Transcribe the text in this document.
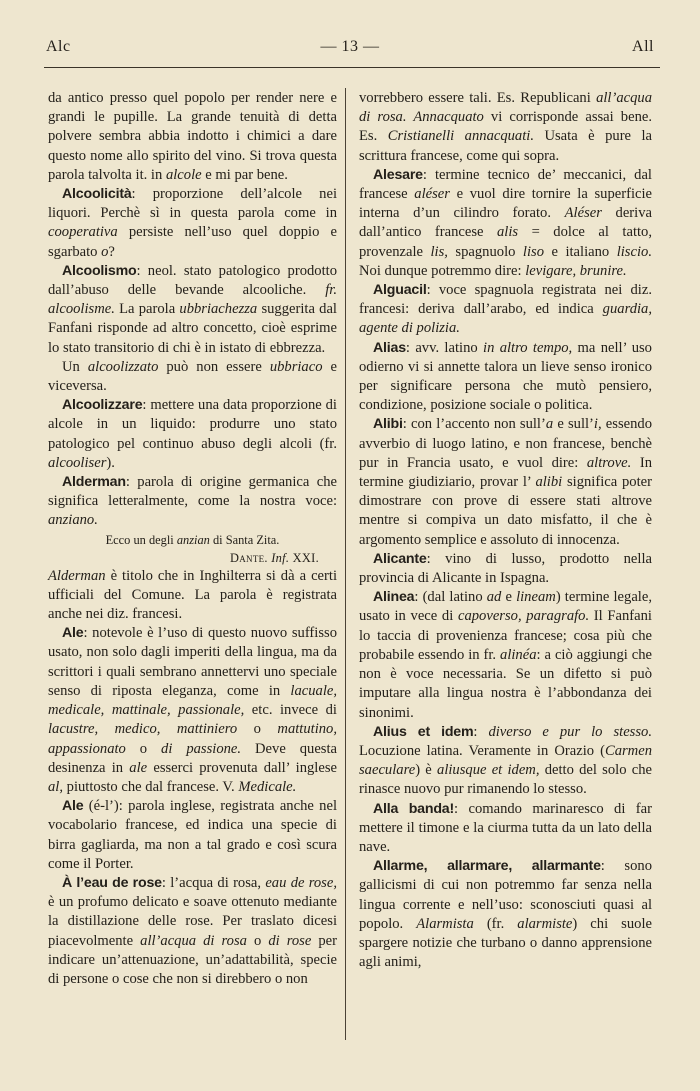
Alc	— 13 —	All

da antico presso quel popolo per render nere e grandi le pupille. La grande tenuità di detta polvere sembra abbia indotto i chimici a dare questo nome allo spirito del vino. Si trova questa parola talvolta it. in alcole e mi par bene.

Alcoolicità: proporzione dell’alcole nei liquori. Perchè sì in questa parola come in cooperativa persiste nell’uso quel doppio e sgarbato o?

Alcoolismo: neol. stato patologico prodotto dall’abuso delle bevande alcooliche. fr. alcoolisme. La parola ubbriachezza suggerita dal Fanfani risponde ad altro concetto, cioè esprime lo stato transitorio di chi è in istato di ebbrezza.

Un alcoolizzato può non essere ubbriaco e viceversa.

Alcoolizzare: mettere una data proporzione di alcole in un liquido: produrre uno stato patologico pel continuo abuso degli alcoli (fr. alcooliser).

Alderman: parola di origine germanica che significa letteralmente, come la nostra voce: anziano.

Ecco un degli anzian di Santa Zita.

Dante. Inf. XXI.

Alderman è titolo che in Inghilterra si dà a certi ufficiali del Comune. La parola è registrata anche nei diz. francesi.

Ale: notevole è l’uso di questo nuovo suffisso usato, non solo dagli imperiti della lingua, ma da scrittori i quali sembrano annettervi uno speciale senso di riposta eleganza, come in lacuale, medicale, mattinale, passionale, etc. invece di lacustre, medico, mattiniero o mattutino, appassionato o di passione. Deve questa desinenza in ale esserci provenuta dall’ inglese al, piuttosto che dal francese. V. Medicale.

Ale (é-l’): parola inglese, registrata anche nel vocabolario francese, ed indica una specie di birra gagliarda, ma non a tal grado e così scura come il Porter.

À l’eau de rose: l’acqua di rosa, eau de rose, è un profumo delicato e soave ottenuto mediante la distillazione delle rose. Per traslato dicesi piacevolmente all’acqua di rosa o di rose per indicare un’attenuazione, un’adattabilità, specie di persone o cose che non si direbbero o non

vorrebbero essere tali. Es. Republicani all’acqua di rosa. Annacquato vi corrisponde assai bene. Es. Cristianelli annacquati. Usata è pure la scrittura francese, come qui sopra.

Alesare: termine tecnico de’ meccanici, dal francese aléser e vuol dire tornire la superficie interna d’un cilindro forato. Aléser deriva dall’antico francese alis = dolce al tatto, provenzale lis, spagnuolo liso e italiano liscio. Noi dunque potremmo dire: levigare, brunire.

Alguacil: voce spagnuola registrata nei diz. francesi: deriva dall’arabo, ed indica guardia, agente di polizia.

Alias: avv. latino in altro tempo, ma nell’ uso odierno vi si annette talora un lieve senso ironico per significare persona che mutò pensiero, condizione, posizione sociale o politica.

Alibi: con l’accento non sull’a e sull’i, essendo avverbio di luogo latino, e non francese, benchè pur in Francia usato, e vuol dire: altrove. In termine giudiziario, provar l’ alibi significa poter dimostrare con prove di essere stati altrove mentre si compiva un dato misfatto, il che è argomento semplice e assoluto di innocenza.

Alicante: vino di lusso, prodotto nella provincia di Alicante in Ispagna.

Alinea: (dal latino ad e lineam) termine legale, usato in vece di capoverso, paragrafo. Il Fanfani lo taccia di provenienza francese; cosa più che probabile essendo in fr. alinéa: a ciò aggiungi che non è voce necessaria. Se un difetto si può imputare alla lingua nostra è l’abbondanza dei sinonimi.

Alius et idem: diverso e pur lo stesso. Locuzione latina. Veramente in Orazio (Carmen saeculare) è aliusque et idem, detto del solo che rinasce nuovo pur rimanendo lo stesso.

Alla banda!: comando marinaresco di far mettere il timone e la ciurma tutta da un lato della nave.

Allarme, allarmare, allarmante: sono gallicismi di cui non potremmo far senza nella lingua corrente e nell’uso: sconosciuti quasi al popolo. Alarmista (fr. alarmiste) chi suole spargere notizie che turbano o danno apprensione agli animi,
